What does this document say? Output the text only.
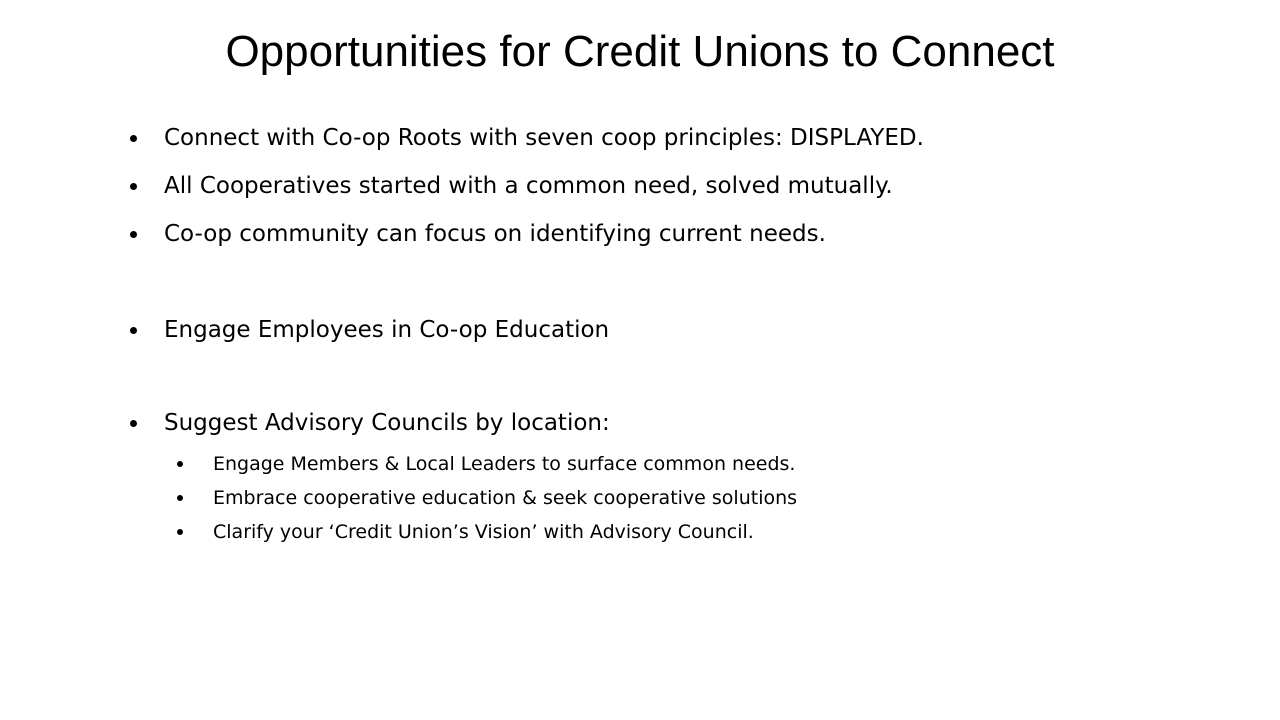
Opportunities for Credit Unions to Connect
Connect with Co-op Roots with seven coop principles: DISPLAYED.
All Cooperatives started with a common need, solved mutually.
Co-op community can focus on identifying current needs.
Engage Employees in Co-op Education
Suggest Advisory Councils by location:
Engage Members & Local Leaders to surface common needs.
Embrace cooperative education & seek cooperative solutions
Clarify your ‘Credit Union’s Vision’ with Advisory Council.
